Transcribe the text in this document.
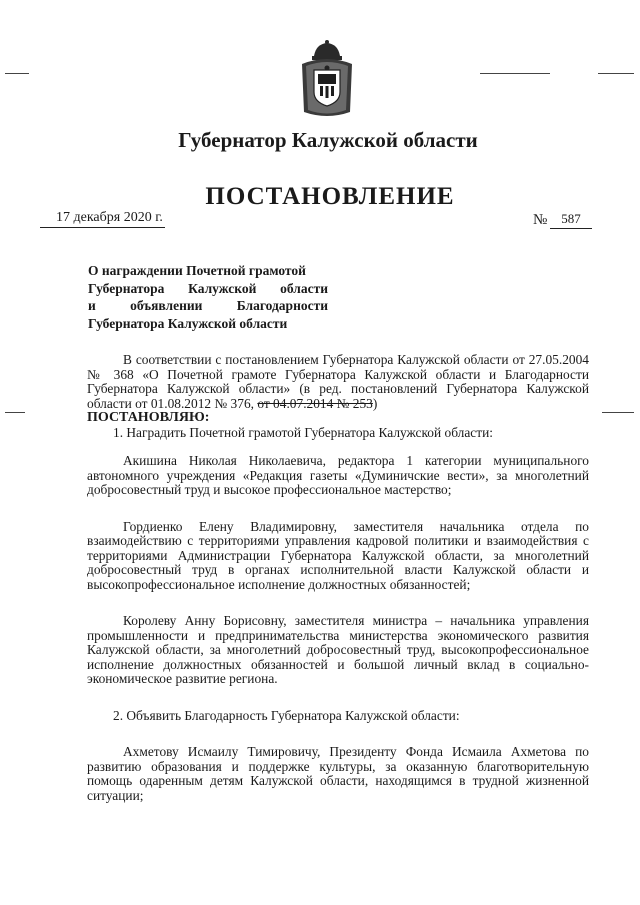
Губернатор Калужской области
ПОСТАНОВЛЕНИЕ
17 декабря 2020 г.	№	587
О награждении Почетной грамотой
Губернатора Калужской области
и объявлении Благодарности
Губернатора Калужской области

В соответствии с постановлением Губернатора Калужской области от 27.05.2004 № 368 «О Почетной грамоте Губернатора Калужской области и Благодарности Губернатора Калужской области» (в ред. постановлений Губернатора Калужской области от 01.08.2012 № 376, от 04.07.2014 № 253)

ПОСТАНОВЛЯЮ:

1. Наградить Почетной грамотой Губернатора Калужской области:

Акишина Николая Николаевича, редактора 1 категории муниципального автономного учреждения «Редакция газеты «Думиничские вести», за многолетний добросовестный труд и высокое профессиональное мастерство;

Гордиенко Елену Владимировну, заместителя начальника отдела по взаимодействию с территориями управления кадровой политики и взаимодействия с территориями Администрации Губернатора Калужской области, за многолетний добросовестный труд в органах исполнительной власти Калужской области и высокопрофессиональное исполнение должностных обязанностей;

Королеву Анну Борисовну, заместителя министра – начальника управления промышленности и предпринимательства министерства экономического развития Калужской области, за многолетний добросовестный труд, высокопрофессиональное исполнение должностных обязанностей и большой личный вклад в социально-экономическое развитие региона.

2. Объявить Благодарность Губернатора Калужской области:

Ахметову Исмаилу Тимировичу, Президенту Фонда Исмаила Ахметова по развитию образования и поддержке культуры, за оказанную благотворительную помощь одаренным детям Калужской области, находящимся в трудной жизненной ситуации;
